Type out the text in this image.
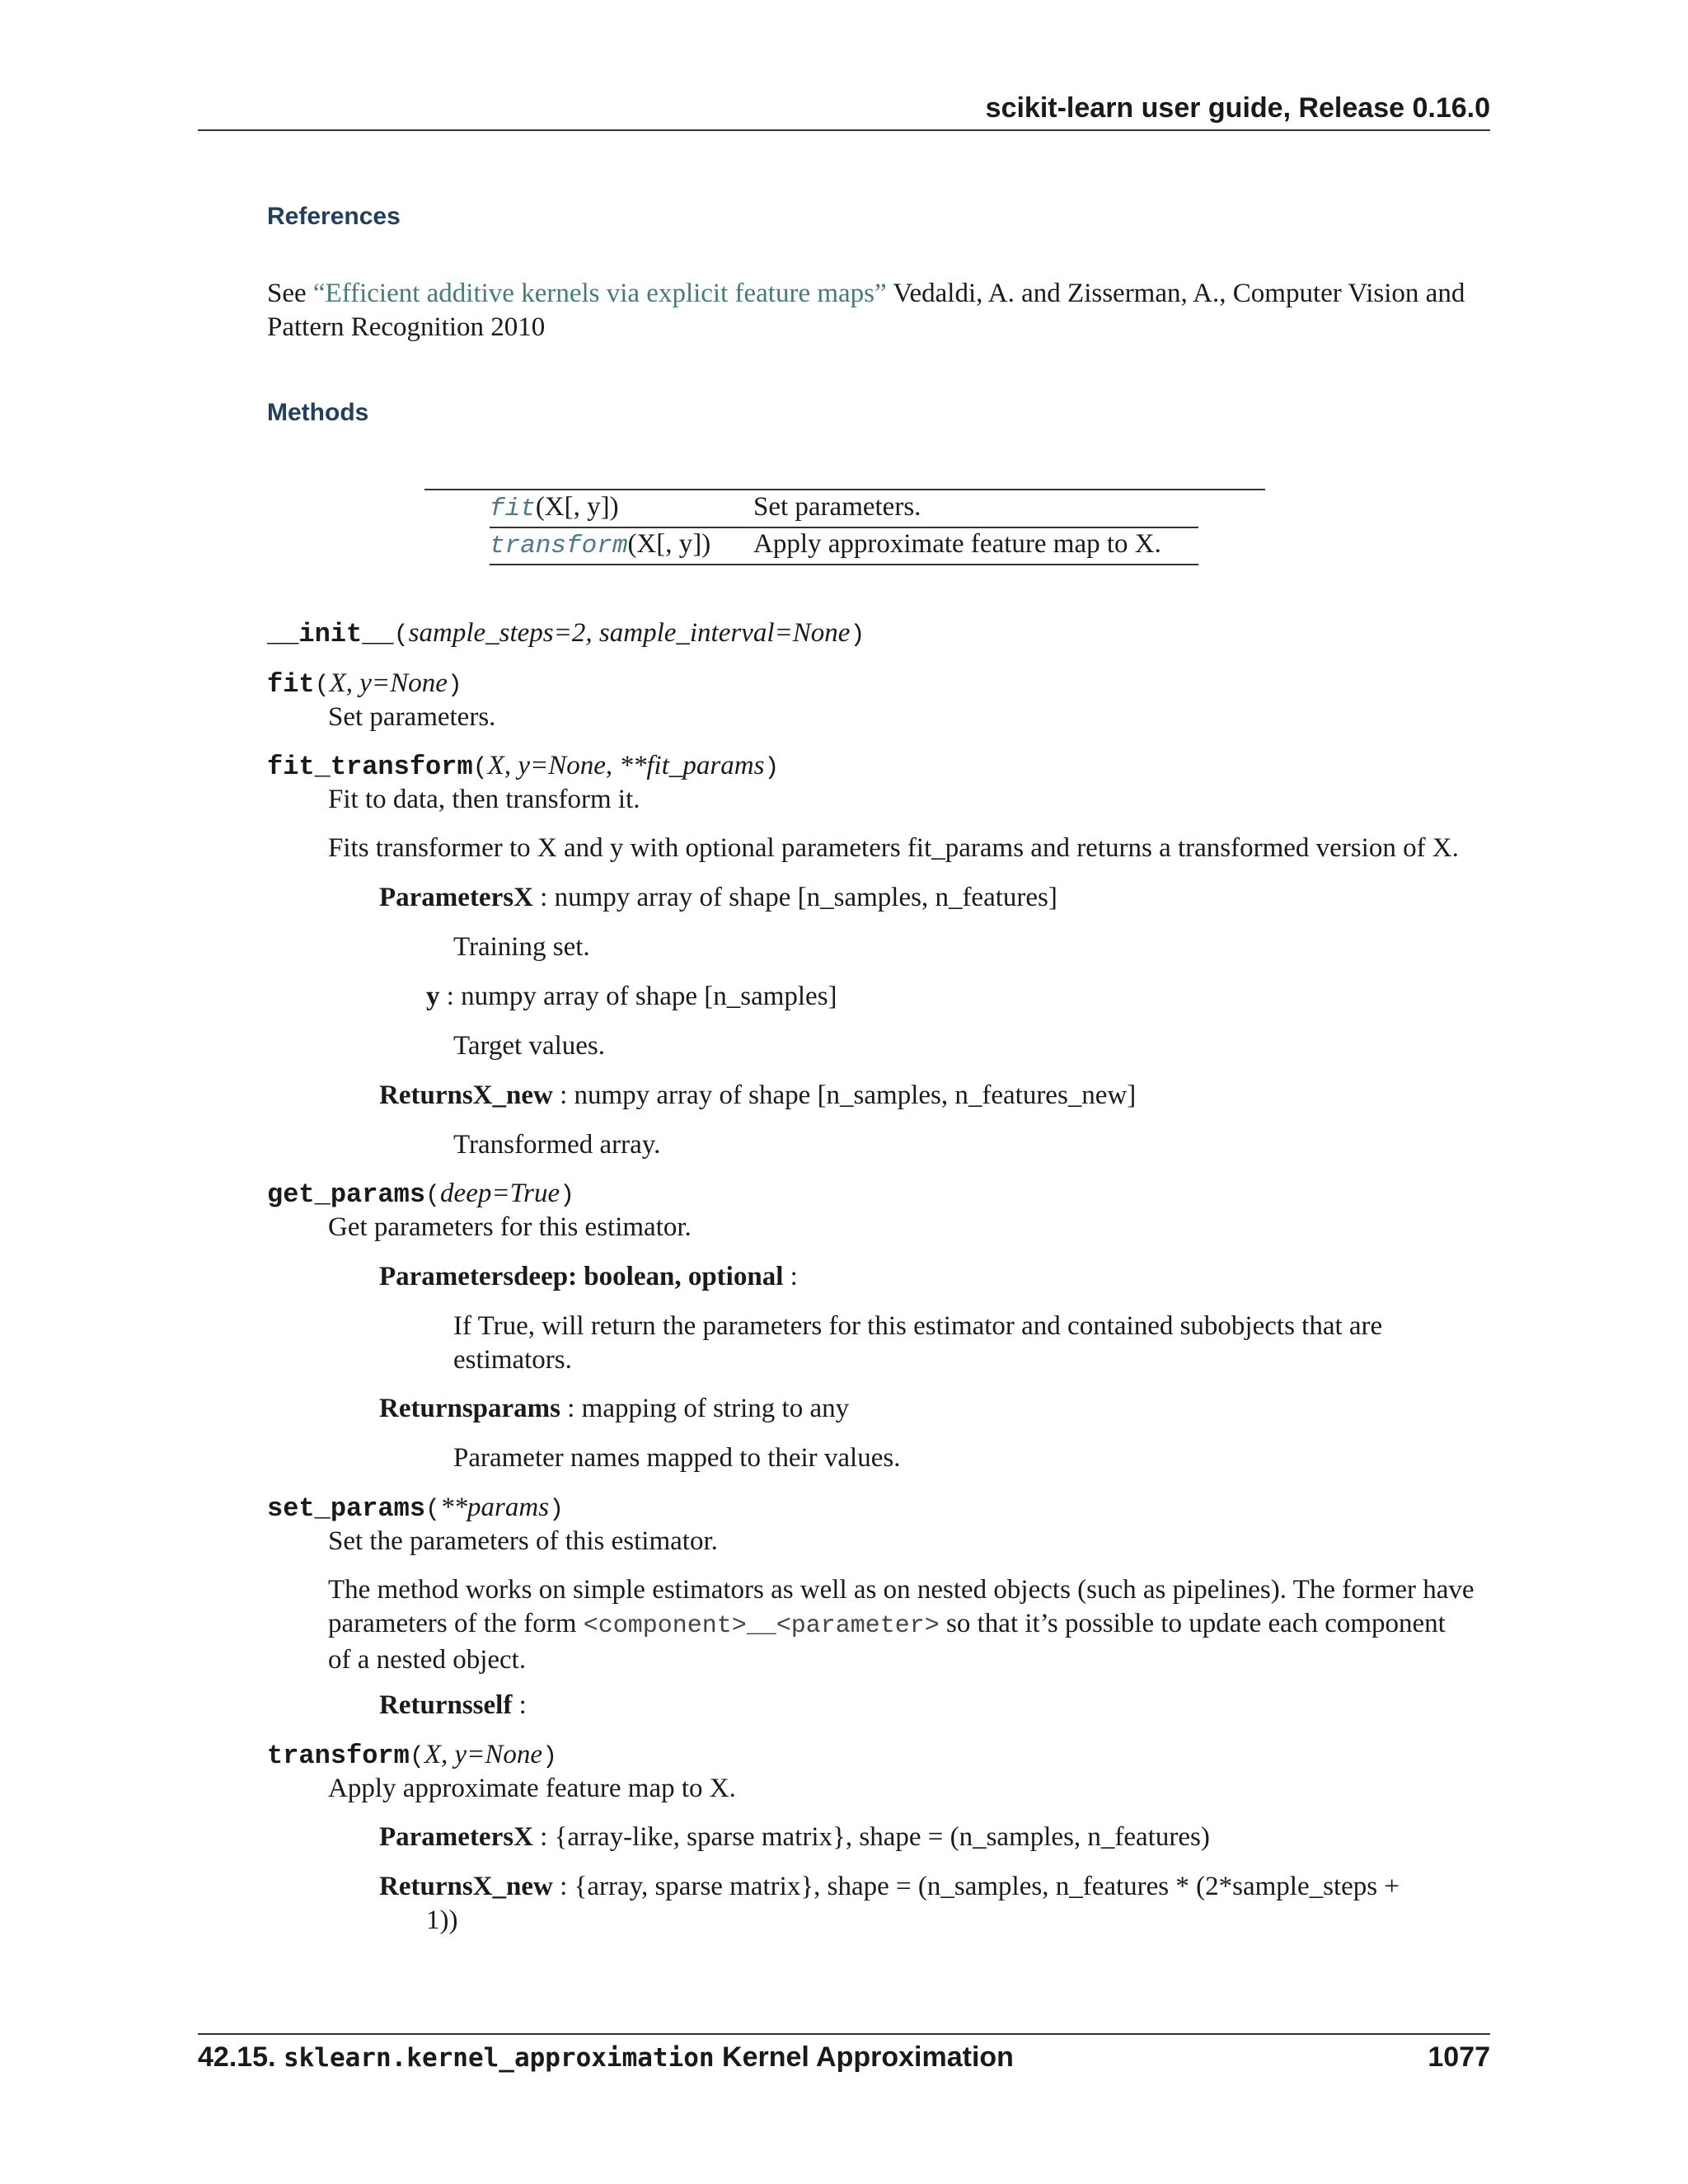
scikit-learn user guide, Release 0.16.0
References
See “Efficient additive kernels via explicit feature maps” Vedaldi, A. and Zisserman, A., Computer Vision and
Pattern Recognition 2010
Methods
fit(X[, y])	Set parameters.
transform(X[, y])	Apply approximate feature map to X.
__init__(sample_steps=2, sample_interval=None)
fit(X, y=None)
Set parameters.
fit_transform(X, y=None, **fit_params)
Fit to data, then transform it.
Fits transformer to X and y with optional parameters fit_params and returns a transformed version of X.
ParametersX : numpy array of shape [n_samples, n_features]
Training set.
y : numpy array of shape [n_samples]
Target values.
ReturnsX_new : numpy array of shape [n_samples, n_features_new]
Transformed array.
get_params(deep=True)
Get parameters for this estimator.
Parametersdeep: boolean, optional :
If True, will return the parameters for this estimator and contained subobjects that are
estimators.
Returnsparams : mapping of string to any
Parameter names mapped to their values.
set_params(**params)
Set the parameters of this estimator.
The method works on simple estimators as well as on nested objects (such as pipelines). The former have
parameters of the form <component>__<parameter> so that it’s possible to update each component
of a nested object.
Returnsself :
transform(X, y=None)
Apply approximate feature map to X.
ParametersX : {array-like, sparse matrix}, shape = (n_samples, n_features)
ReturnsX_new : {array, sparse matrix}, shape = (n_samples, n_features * (2*sample_steps +
1))
42.15. sklearn.kernel_approximation Kernel Approximation	1077
